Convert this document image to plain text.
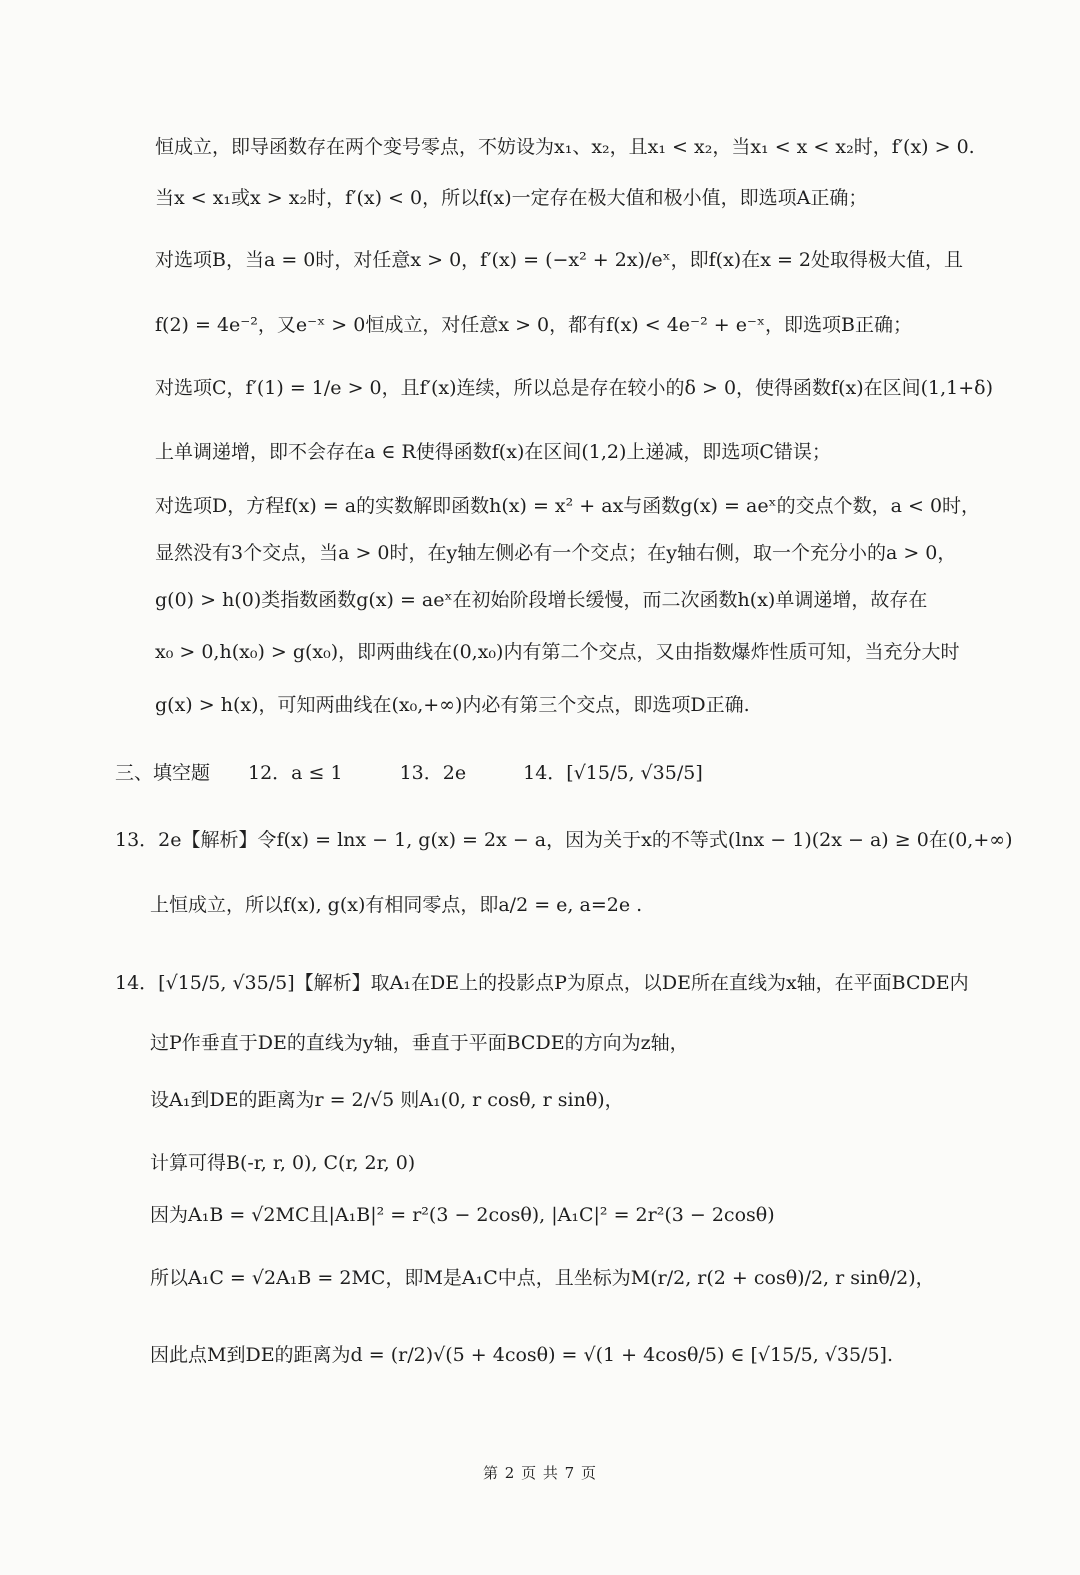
恒成立，即导函数存在两个变号零点，不妨设为x₁、x₂，且x₁ < x₂，当x₁ < x < x₂时，f′(x) > 0.
当x < x₁或x > x₂时，f′(x) < 0，所以f(x)一定存在极大值和极小值，即选项A正确；
对选项B，当a = 0时，对任意x > 0，f′(x) = (−x² + 2x)/eˣ，即f(x)在x = 2处取得极大值，且
f(2) = 4e⁻²，又e⁻ˣ > 0恒成立，对任意x > 0，都有f(x) < 4e⁻² + e⁻ˣ，即选项B正确；
对选项C，f′(1) = 1/e > 0，且f′(x)连续，所以总是存在较小的δ > 0，使得函数f(x)在区间(1,1+δ)
上单调递增，即不会存在a ∈ R使得函数f(x)在区间(1,2)上递减，即选项C错误；
对选项D，方程f(x) = a的实数解即函数h(x) = x² + ax与函数g(x) = aeˣ的交点个数，a < 0时，
显然没有3个交点，当a > 0时，在y轴左侧必有一个交点；在y轴右侧，取一个充分小的a > 0，
g(0) > h(0)类指数函数g(x) = aeˣ在初始阶段增长缓慢，而二次函数h(x)单调递增，故存在
x₀ > 0,h(x₀) > g(x₀)，即两曲线在(0,x₀)内有第二个交点，又由指数爆炸性质可知，当充分大时
g(x) > h(x)，可知两曲线在(x₀,+∞)内必有第三个交点，即选项D正确.
三、填空题　　12．a ≤ 1　　　13．2e　　　14．[√15/5, √35/5]
13．2e【解析】令f(x) = lnx − 1, g(x) = 2x − a，因为关于x的不等式(lnx − 1)(2x − a) ≥ 0在(0,+∞)
上恒成立，所以f(x), g(x)有相同零点，即a/2 = e, a=2e .
14．[√15/5, √35/5]【解析】取A₁在DE上的投影点P为原点，以DE所在直线为x轴，在平面BCDE内
过P作垂直于DE的直线为y轴，垂直于平面BCDE的方向为z轴，
设A₁到DE的距离为r = 2/√5 则A₁(0, r cosθ, r sinθ)，
计算可得B(-r, r, 0), C(r, 2r, 0)
因为A₁B = √2MC且|A₁B|² = r²(3 − 2cosθ), |A₁C|² = 2r²(3 − 2cosθ)
所以A₁C = √2A₁B = 2MC，即M是A₁C中点，且坐标为M(r/2, r(2 + cosθ)/2, r sinθ/2)，
因此点M到DE的距离为d = (r/2)√(5 + 4cosθ) = √(1 + 4cosθ/5) ∈ [√15/5, √35/5].
第 2 页 共 7 页
